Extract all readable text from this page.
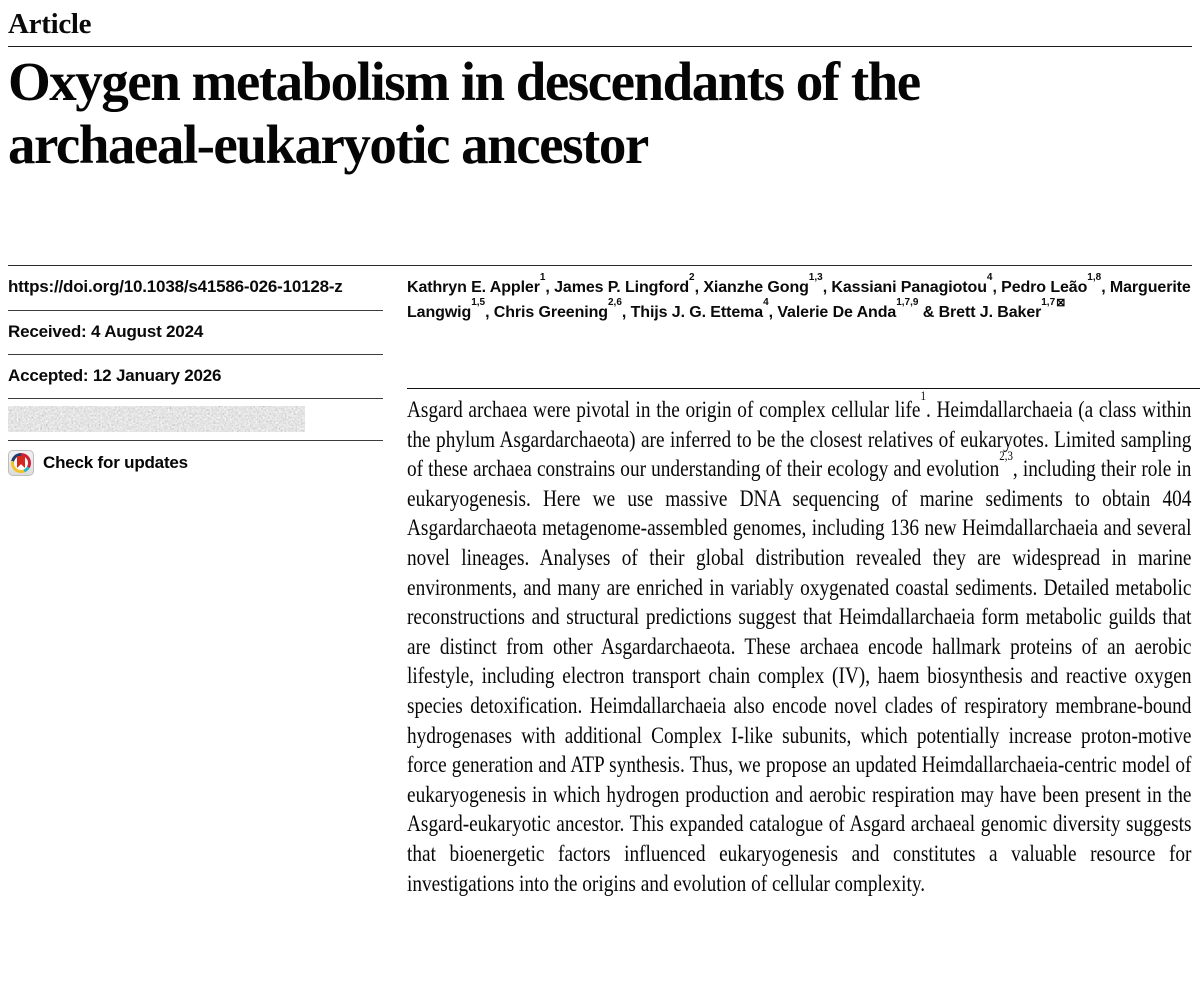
Article
Oxygen metabolism in descendants of the
archaeal-eukaryotic ancestor
https://doi.org/10.1038/s41586-026-10128-z
Received: 4 August 2024
Accepted: 12 January 2026
Check for updates

Kathryn E. Appler$^1$, James P. Lingford$^2$, Xianzhe Gong$^{1,3}$, Kassiani Panagiotou$^4$, Pedro Leão$^{1,8}$, Marguerite Langwig$^{1,5}$, Chris Greening$^{2,6}$, Thijs J. G. Ettema$^4$, Valerie De Anda$^{1,7,9}$ & Brett J. Baker$^{1,7⊠}$

Asgard archaea were pivotal in the origin of complex cellular life$^1$. Heimdallarchaeia (a class within the phylum Asgardarchaeota) are inferred to be the closest relatives of eukaryotes. Limited sampling of these archaea constrains our understanding of their ecology and evolution$^{2,3}$, including their role in eukaryogenesis. Here we use massive DNA sequencing of marine sediments to obtain 404 Asgardarchaeota metagenome-assembled genomes, including 136 new Heimdallarchaeia and several novel lineages. Analyses of their global distribution revealed they are widespread in marine environments, and many are enriched in variably oxygenated coastal sediments. Detailed metabolic reconstructions and structural predictions suggest that Heimdallarchaeia form metabolic guilds that are distinct from other Asgardarchaeota. These archaea encode hallmark proteins of an aerobic lifestyle, including electron transport chain complex (IV), haem biosynthesis and reactive oxygen species detoxification. Heimdallarchaeia also encode novel clades of respiratory membrane-bound hydrogenases with additional Complex I-like subunits, which potentially increase proton-motive force generation and ATP synthesis. Thus, we propose an updated Heimdallarchaeia-centric model of eukaryogenesis in which hydrogen production and aerobic respiration may have been present in the Asgard-eukaryotic ancestor. This expanded catalogue of Asgard archaeal genomic diversity suggests that bioenergetic factors influenced eukaryogenesis and constitutes a valuable resource for investigations into the origins and evolution of cellular complexity.
